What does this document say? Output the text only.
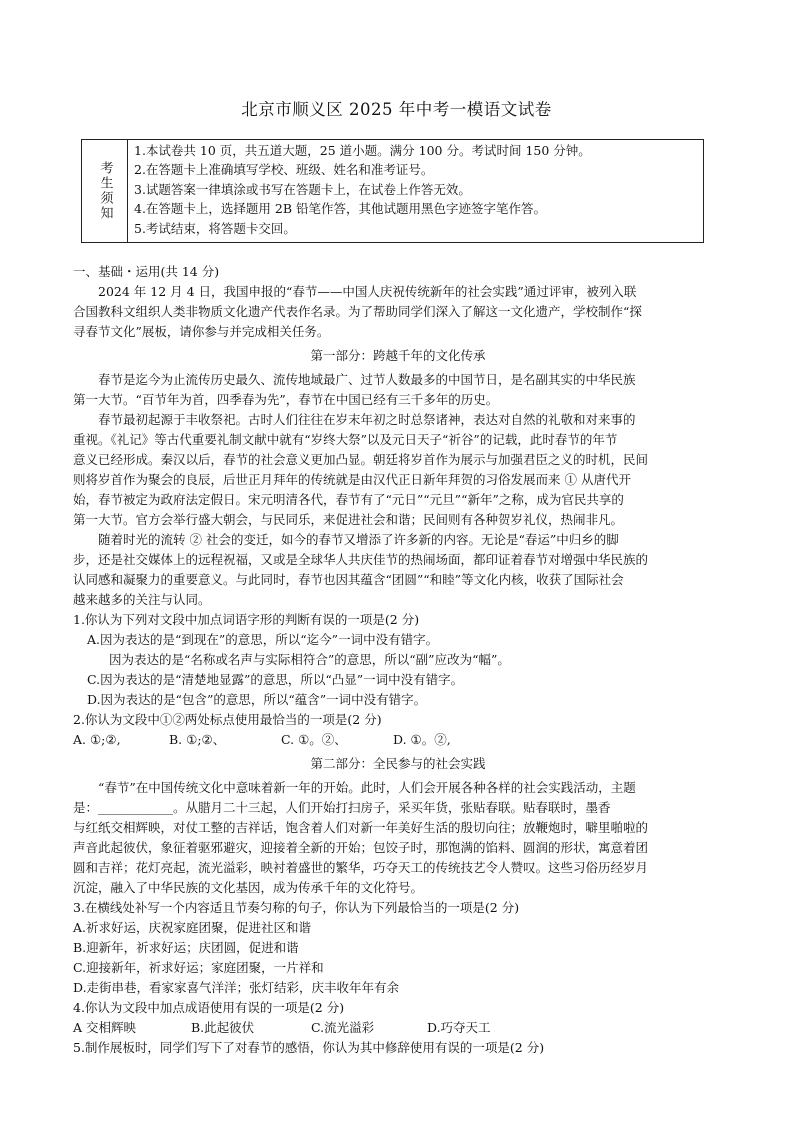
北京市顺义区 2025 年中考一模语文试卷
考生须知
1.本试卷共 10 页，共五道大题，25 道小题。满分 100 分。考试时间 150 分钟。
2.在答题卡上准确填写学校、班级、姓名和准考证号。
3.试题答案一律填涂或书写在答题卡上，在试卷上作答无效。
4.在答题卡上，选择题用 2B 铅笔作答，其他试题用黑色字迹签字笔作答。
5.考试结束，将答题卡交回。

一、基础・运用(共 14 分)

2024 年 12 月 4 日，我国申报的“春节——中国人庆祝传统新年的社会实践”通过评审，被列入联

合国教科文组织人类非物质文化遗产代表作名录。为了帮助同学们深入了解这一文化遗产，学校制作“探

寻春节文化”展板，请你参与并完成相关任务。

第一部分：跨越千年的文化传承

春节是迄今为止流传历史最久、流传地域最广、过节人数最多的中国节日，是名副其实的中华民族

第一大节。“百节年为首，四季春为先”，春节在中国已经有三千多年的历史。

春节最初起源于丰收祭祀。古时人们往往在岁末年初之时总祭诸神，表达对自然的礼敬和对来事的

重视。《礼记》等古代重要礼制文献中就有“岁终大祭”以及元日天子“祈谷”的记载，此时春节的年节

意义已经形成。秦汉以后，春节的社会意义更加凸显。朝廷将岁首作为展示与加强君臣之义的时机，民间

则将岁首作为聚会的良辰，后世正月拜年的传统就是由汉代正日新年拜贺的习俗发展而来 ① 从唐代开

始，春节被定为政府法定假日。宋元明清各代，春节有了“元日”“元旦”“新年”之称，成为官民共享的

第一大节。官方会举行盛大朝会，与民同乐，来促进社会和谐；民间则有各种贺岁礼仪，热闹非凡。

随着时光的流转 ② 社会的变迁，如今的春节又增添了许多新的内容。无论是“春运”中归乡的脚

步，还是社交媒体上的远程祝福，又或是全球华人共庆佳节的热闹场面，都印证着春节对增强中华民族的

认同感和凝聚力的重要意义。与此同时，春节也因其蕴含“团圆”“和睦”等文化内核，收获了国际社会

越来越多的关注与认同。

1.你认为下列对文段中加点词语字形的判断有误的一项是(2 分)

A.因为表达的是“到现在”的意思，所以“迄今”一词中没有错字。

因为表达的是“名称或名声与实际相符合”的意思，所以“副”应改为“幅”。

C.因为表达的是“清楚地显露”的意思，所以“凸显”一词中没有错字。

D.因为表达的是“包含”的意思，所以“蕴含”一词中没有错字。

2.你认为文段中①②两处标点使用最恰当的一项是(2 分)

A. ①;②,	B. ①;②、	C. ①。②、	D. ①。②,

第二部分：全民参与的社会实践

“春节”在中国传统文化中意味着新一年的开始。此时，人们会开展各种各样的社会实践活动，主题

是：____________。从腊月二十三起，人们开始打扫房子，采买年货，张贴春联。贴春联时，墨香

与红纸交相辉映，对仗工整的吉祥话，饱含着人们对新一年美好生活的殷切向往；放鞭炮时，噼里啪啦的

声音此起彼伏，象征着驱邪避灾，迎接着全新的开始；包饺子时，那饱满的馅料、圆润的形状，寓意着团

圆和吉祥；花灯亮起，流光溢彩，映衬着盛世的繁华，巧夺天工的传统技艺令人赞叹。这些习俗历经岁月

沉淀，融入了中华民族的文化基因，成为传承千年的文化符号。

3.在横线处补写一个内容适且节奏匀称的句子，你认为下列最恰当的一项是(2 分)

A.祈求好运，庆祝家庭团聚，促进社区和谐

B.迎新年，祈求好运；庆团圆，促进和谐

C.迎接新年，祈求好运；家庭团聚，一片祥和

D.走街串巷，看家家喜气洋洋；张灯结彩，庆丰收年年有余

4.你认为文段中加点成语使用有误的一项是(2 分)

A 交相辉映	B.此起彼伏	C.流光溢彩	D.巧夺天工

5.制作展板时，同学们写下了对春节的感悟，你认为其中修辞使用有误的一项是(2 分)
